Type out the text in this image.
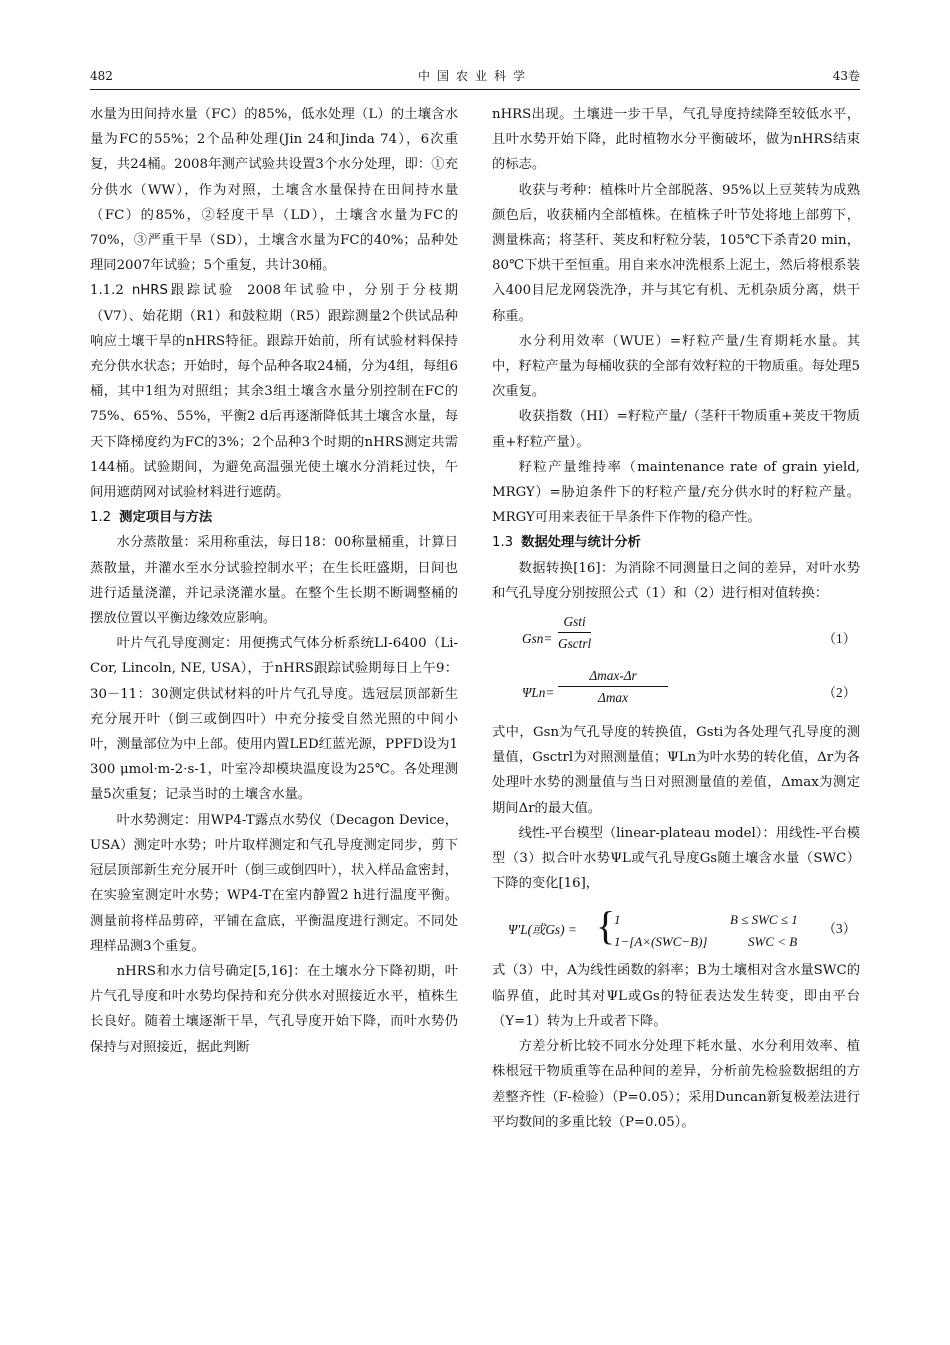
482	中国农业科学	43卷

水量为田间持水量（FC）的85%，低水处理（L）的土壤含水量为FC的55%；2个品种处理(Jin 24和Jinda 74），6次重复，共24桶。2008年测产试验共设置3个水分处理，即：①充分供水（WW），作为对照，土壤含水量保持在田间持水量（FC）的85%，②轻度干旱（LD），土壤含水量为FC的70%，③严重干旱（SD），土壤含水量为FC的40%；品种处理同2007年试验；5个重复，共计30桶。

1.1.2 nHRS跟踪试验 2008年试验中，分别于分枝期（V7）、始花期（R1）和鼓粒期（R5）跟踪测量2个供试品种响应土壤干旱的nHRS特征。跟踪开始前，所有试验材料保持充分供水状态；开始时，每个品种各取24桶，分为4组，每组6桶，其中1组为对照组；其余3组土壤含水量分别控制在FC的75%、65%、55%，平衡2 d后再逐渐降低其土壤含水量，每天下降梯度约为FC的3%；2个品种3个时期的nHRS测定共需144桶。试验期间，为避免高温强光使土壤水分消耗过快，午间用遮荫网对试验材料进行遮荫。

1.2 测定项目与方法

水分蒸散量：采用称重法，每日18：00称量桶重，计算日蒸散量，并灌水至水分试验控制水平；在生长旺盛期，日间也进行适量浇灌，并记录浇灌水量。在整个生长期不断调整桶的摆放位置以平衡边缘效应影响。

叶片气孔导度测定：用便携式气体分析系统LI-6400（Li-Cor, Lincoln, NE, USA），于nHRS跟踪试验期每日上午9：30－11：30测定供试材料的叶片气孔导度。选冠层顶部新生充分展开叶（倒三或倒四叶）中充分接受自然光照的中间小叶，测量部位为中上部。使用内置LED红蓝光源，PPFD设为1 300 μmol·m-2·s-1，叶室冷却模块温度设为25℃。各处理测量5次重复；记录当时的土壤含水量。

叶水势测定：用WP4-T露点水势仪（Decagon Device，USA）测定叶水势；叶片取样测定和气孔导度测定同步，剪下冠层顶部新生充分展开叶（倒三或倒四叶），状入样品盒密封，在实验室测定叶水势；WP4-T在室内静置2 h进行温度平衡。测量前将样品剪碎，平铺在盒底，平衡温度进行测定。不同处理样品测3个重复。

nHRS和水力信号确定[5,16]：在土壤水分下降初期，叶片气孔导度和叶水势均保持和充分供水对照接近水平，植株生长良好。随着土壤逐渐干旱，气孔导度开始下降，而叶水势仍保持与对照接近，据此判断

nHRS出现。土壤进一步干旱，气孔导度持续降至较低水平，且叶水势开始下降，此时植物水分平衡破坏，做为nHRS结束的标志。

收获与考种：植株叶片全部脱落、95%以上豆荚转为成熟颜色后，收获桶内全部植株。在植株子叶节处将地上部剪下，测量株高；将茎秆、荚皮和籽粒分装，105℃下杀青20 min，80℃下烘干至恒重。用自来水冲洗根系上泥土，然后将根系装入400目尼龙网袋洗净，并与其它有机、无机杂质分离，烘干称重。

水分利用效率（WUE）=籽粒产量/生育期耗水量。其中，籽粒产量为每桶收获的全部有效籽粒的干物质重。每处理5次重复。

收获指数（HI）=籽粒产量/（茎秆干物质重+荚皮干物质重+籽粒产量）。

籽粒产量维持率（maintenance rate of grain yield, MRGY）=胁迫条件下的籽粒产量/充分供水时的籽粒产量。MRGY可用来表征干旱条件下作物的稳产性。

1.3 数据处理与统计分析

数据转换[16]：为消除不同测量日之间的差异，对叶水势和气孔导度分别按照公式（1）和（2）进行相对值转换：

Gsn=
Gsti
Gsctrl	（1）
ΨLn=
Δmax-Δr
Δmax	（2）

式中，Gsn为气孔导度的转换值，Gsti为各处理气孔导度的测量值，Gsctrl为对照测量值；ΨLn为叶水势的转化值，Δr为各处理叶水势的测量值与当日对照测量值的差值，Δmax为测定期间Δr的最大值。

线性-平台模型（linear-plateau model）：用线性-平台模型（3）拟合叶水势ΨL或气孔导度Gs随土壤含水量（SWC）下降的变化[16]，

Ψ'L(或Gs) = {
1	B ≤ SWC ≤ 1
1−[A×(SWC−B)]	SWC < B
（3）

式（3）中，A为线性函数的斜率；B为土壤相对含水量SWC的临界值，此时其对ΨL或Gs的特征表达发生转变，即由平台（Y=1）转为上升或者下降。

方差分析比较不同水分处理下耗水量、水分利用效率、植株根冠干物质重等在品种间的差异，分析前先检验数据组的方差整齐性（F-检验）（P=0.05）；采用Duncan新复极差法进行平均数间的多重比较（P=0.05）。
